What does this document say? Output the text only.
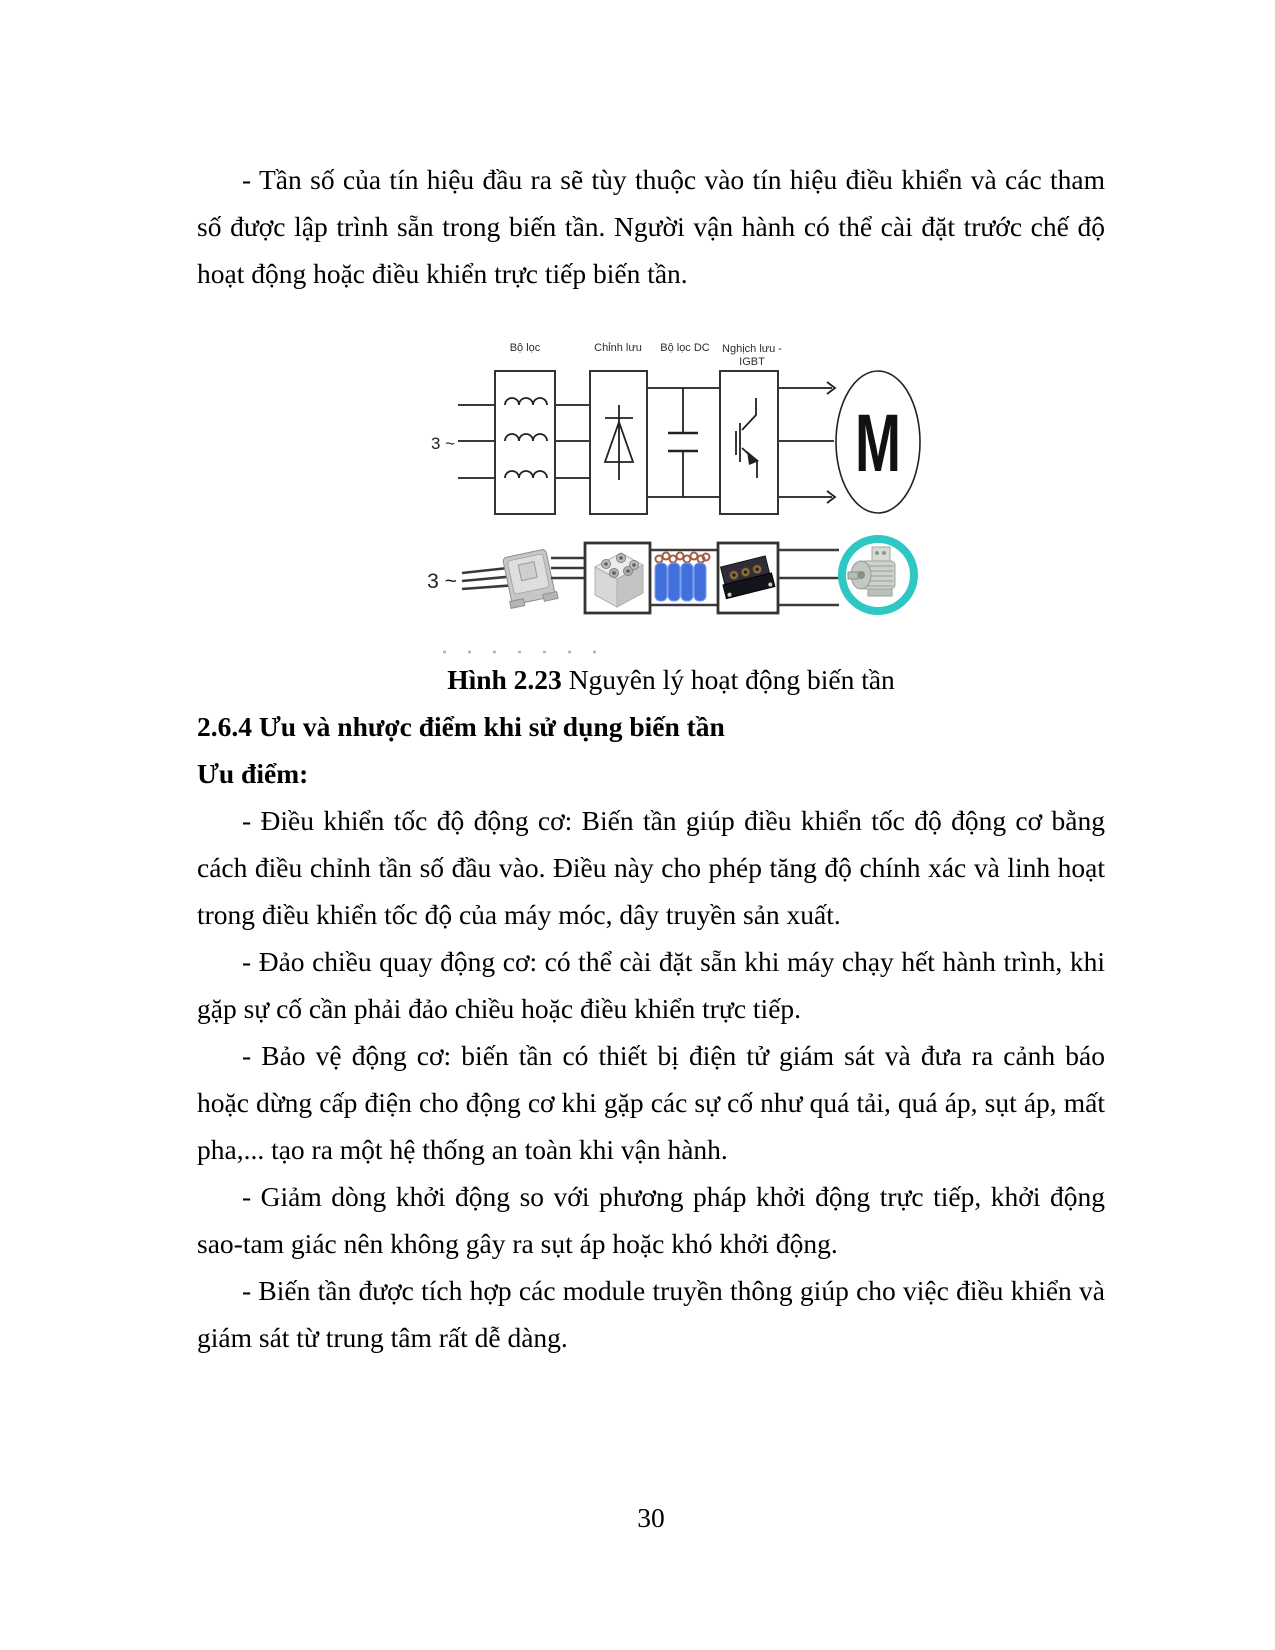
- Tần số của tín hiệu đầu ra sẽ tùy thuộc vào tín hiệu điều khiển và các tham số được lập trình sẵn trong biến tần. Người vận hành có thể cài đặt trước chế độ hoạt động hoặc điều khiển trực tiếp biến tần.

Bộ lọc	Chỉnh lưu Bộ lọc DC Nghịch lưu -
IGBT
3 ~	M
3 ~

Hình 2.23 Nguyên lý hoạt động biến tần

2.6.4 Ưu và nhược điểm khi sử dụng biến tần

Ưu điểm:

- Điều khiển tốc độ động cơ: Biến tần giúp điều khiển tốc độ động cơ bằng cách điều chỉnh tần số đầu vào. Điều này cho phép tăng độ chính xác và linh hoạt trong điều khiển tốc độ của máy móc, dây truyền sản xuất.

- Đảo chiều quay động cơ: có thể cài đặt sẵn khi máy chạy hết hành trình, khi gặp sự cố cần phải đảo chiều hoặc điều khiển trực tiếp.

- Bảo vệ động cơ: biến tần có thiết bị điện tử giám sát và đưa ra cảnh báo hoặc dừng cấp điện cho động cơ khi gặp các sự cố như quá tải, quá áp, sụt áp, mất pha,... tạo ra một hệ thống an toàn khi vận hành.

- Giảm dòng khởi động so với phương pháp khởi động trực tiếp, khởi động sao-tam giác nên không gây ra sụt áp hoặc khó khởi động.

- Biến tần được tích hợp các module truyền thông giúp cho việc điều khiển và giám sát từ trung tâm rất dễ dàng.

30
